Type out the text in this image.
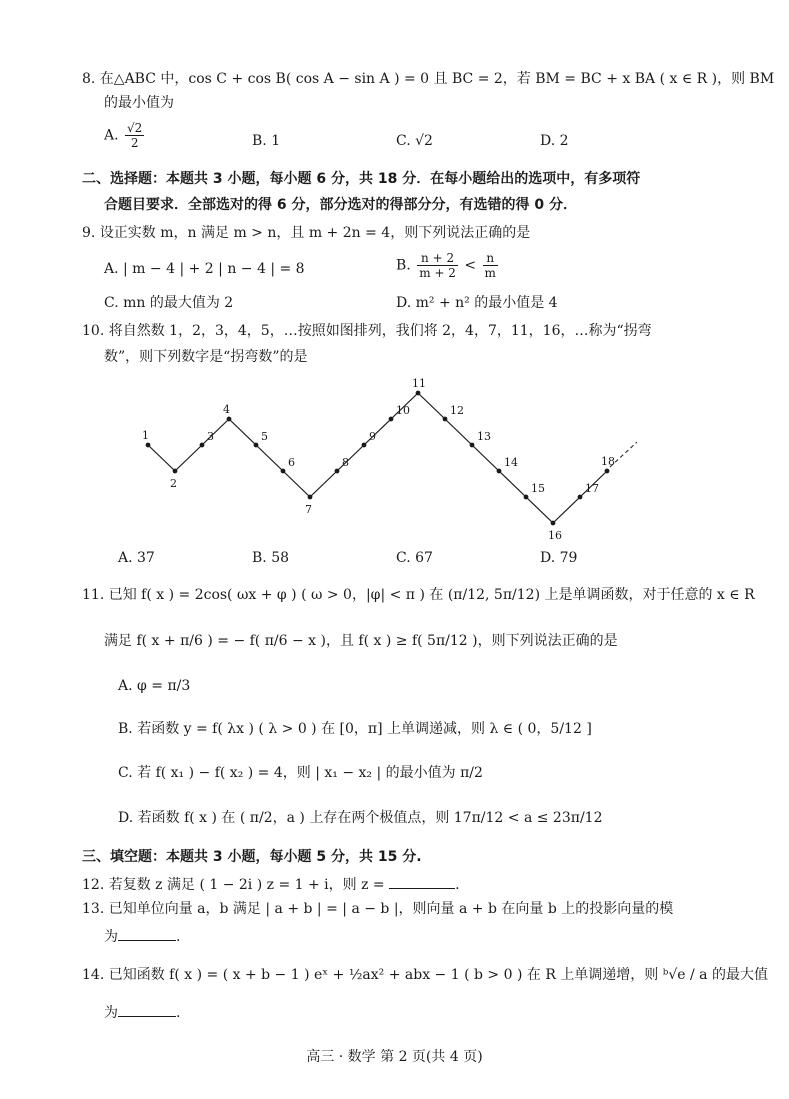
8. 在△ABC 中，cos C + cos B( cos A − sin A ) = 0 且 BC = 2，若 BM = BC + x BA ( x ∈ R )，则 BM
的最小值为
A. $\frac{√2}{2}$	B. 1	C. √2	D. 2
二、选择题：本题共 3 小题，每小题 6 分，共 18 分．在每小题给出的选项中，有多项符
合题目要求．全部选对的得 6 分，部分选对的得部分分，有选错的得 0 分．
9. 设正实数 m，n 满足 m > n，且 m + 2n = 4，则下列说法正确的是
A. | m − 4 | + 2 | n − 4 | = 8	B. $\frac{n + 2}{m + 2} < \frac{n}{m}$
C. mn 的最大值为 2	D. m² + n² 的最小值是 4
10. 将自然数 1，2，3，4，5，…按照如图排列，我们将 2，4，7，11，16，…称为“拐弯
数”，则下列数字是“拐弯数”的是
1
2
3
4
5
6
7
8
9
10
11
12
13
14
15
16
17
18
A. 37	B. 58	C. 67	D. 79
11. 已知 f( x ) = 2cos( ωx + φ ) ( ω > 0，|φ| < π ) 在 (π/12, 5π/12) 上是单调函数，对于任意的 x ∈ R
满足 f( x + π/6 ) = − f( π/6 − x )，且 f( x ) ≥ f( 5π/12 )，则下列说法正确的是
A. φ = π/3
B. 若函数 y = f( λx ) ( λ > 0 ) 在 [0，π] 上单调递减，则 λ ∈ ( 0，5/12 ]
C. 若 f( x₁ ) − f( x₂ ) = 4，则 | x₁ − x₂ | 的最小值为 π/2
D. 若函数 f( x ) 在 ( π/2，a ) 上存在两个极值点，则 17π/12 < a ≤ 23π/12
三、填空题：本题共 3 小题，每小题 5 分，共 15 分.
12. 若复数 z 满足 ( 1 − 2i ) z = 1 + i，则 z =	.
13. 已知单位向量 a，b 满足 | a + b | = | a − b |，则向量 a + b 在向量 b 上的投影向量的模
为	.
14. 已知函数 f( x ) = ( x + b − 1 ) eˣ + ½ax² + abx − 1 ( b > 0 ) 在 R 上单调递增，则 ᵇ√e / a 的最大值
为	.
高三 · 数学 第 2 页(共 4 页)
